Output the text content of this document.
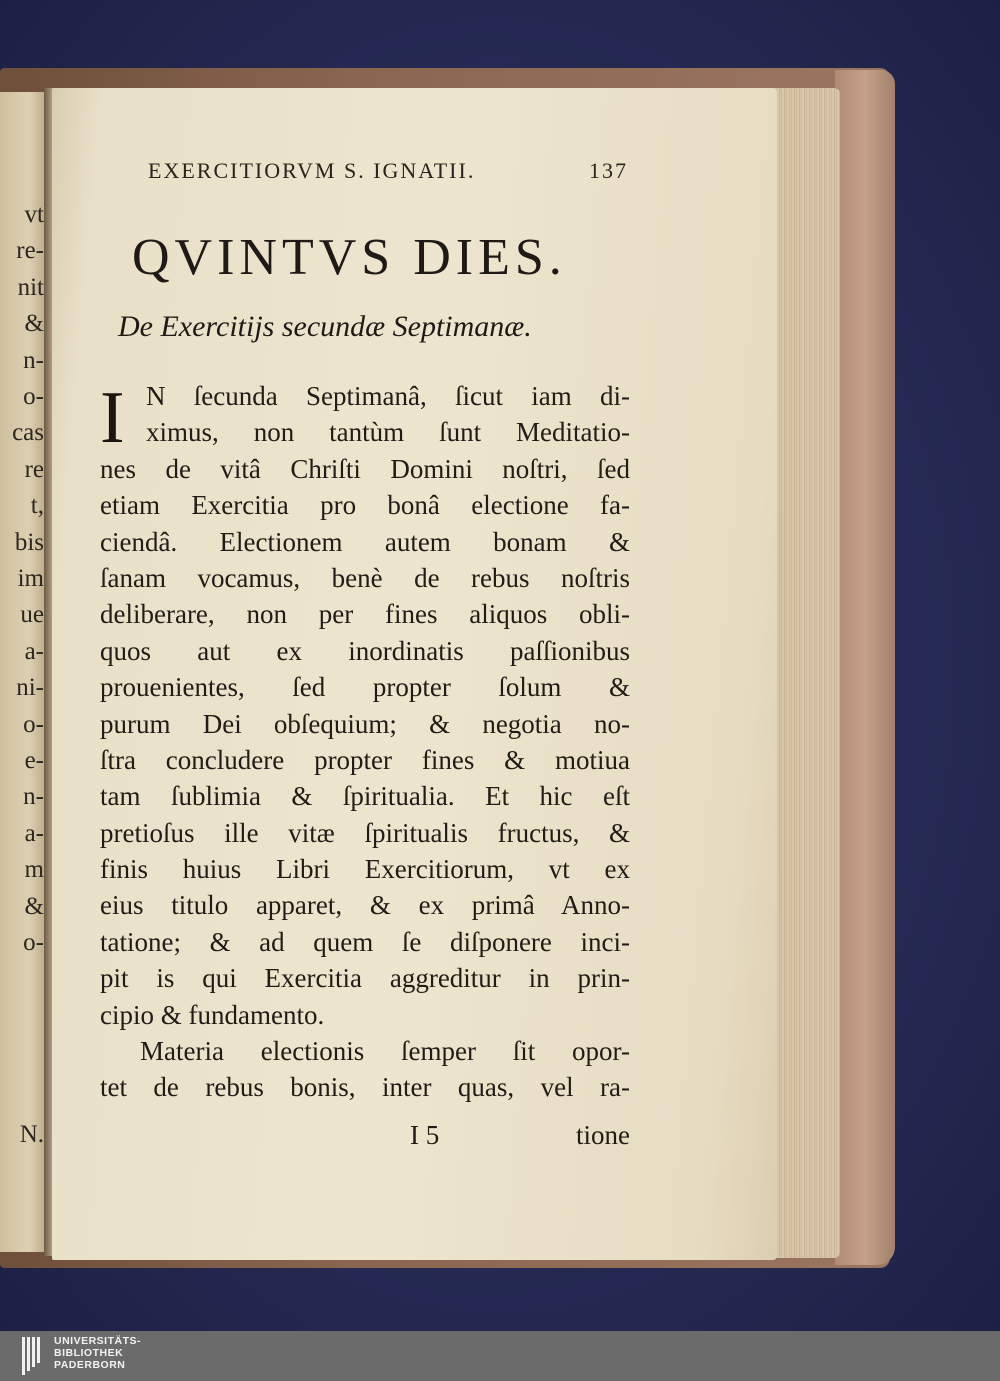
vt
re-
nit
&
n-
o-
cas
re
t,
bis
im
ue
a-
ni-
o-
e-
n-
a-
m
&
o-
N.
EXERCITIORVM S. IGNATII.	137
QVINTVS DIES.
De Exercitijs secundæ Septimanæ.
I N ſecunda Septimanâ, ſicut iam di-
ximus, non tantùm ſunt Meditatio-
nes de vitâ Chriſti Domini noſtri, ſed
etiam Exercitia pro bonâ electione fa-
ciendâ. Electionem autem bonam &
ſanam vocamus, benè de rebus noſtris
deliberare, non per fines aliquos obli-
quos aut ex inordinatis paſſionibus
prouenientes, ſed propter ſolum &
purum Dei obſequium; & negotia no-
ſtra concludere propter fines & motiua
tam ſublimia & ſpiritualia. Et hic eſt
pretioſus ille vitæ ſpiritualis fructus, &
finis huius Libri Exercitiorum, vt ex
eius titulo apparet, & ex primâ Anno-
tatione; & ad quem ſe diſponere inci-
pit is qui Exercitia aggreditur in prin-
cipio & fundamento.
Materia electionis ſemper ſit opor-
tet de rebus bonis, inter quas, vel ra-
I 5	tione
UNIVERSITÄTS-
BIBLIOTHEK
PADERBORN
